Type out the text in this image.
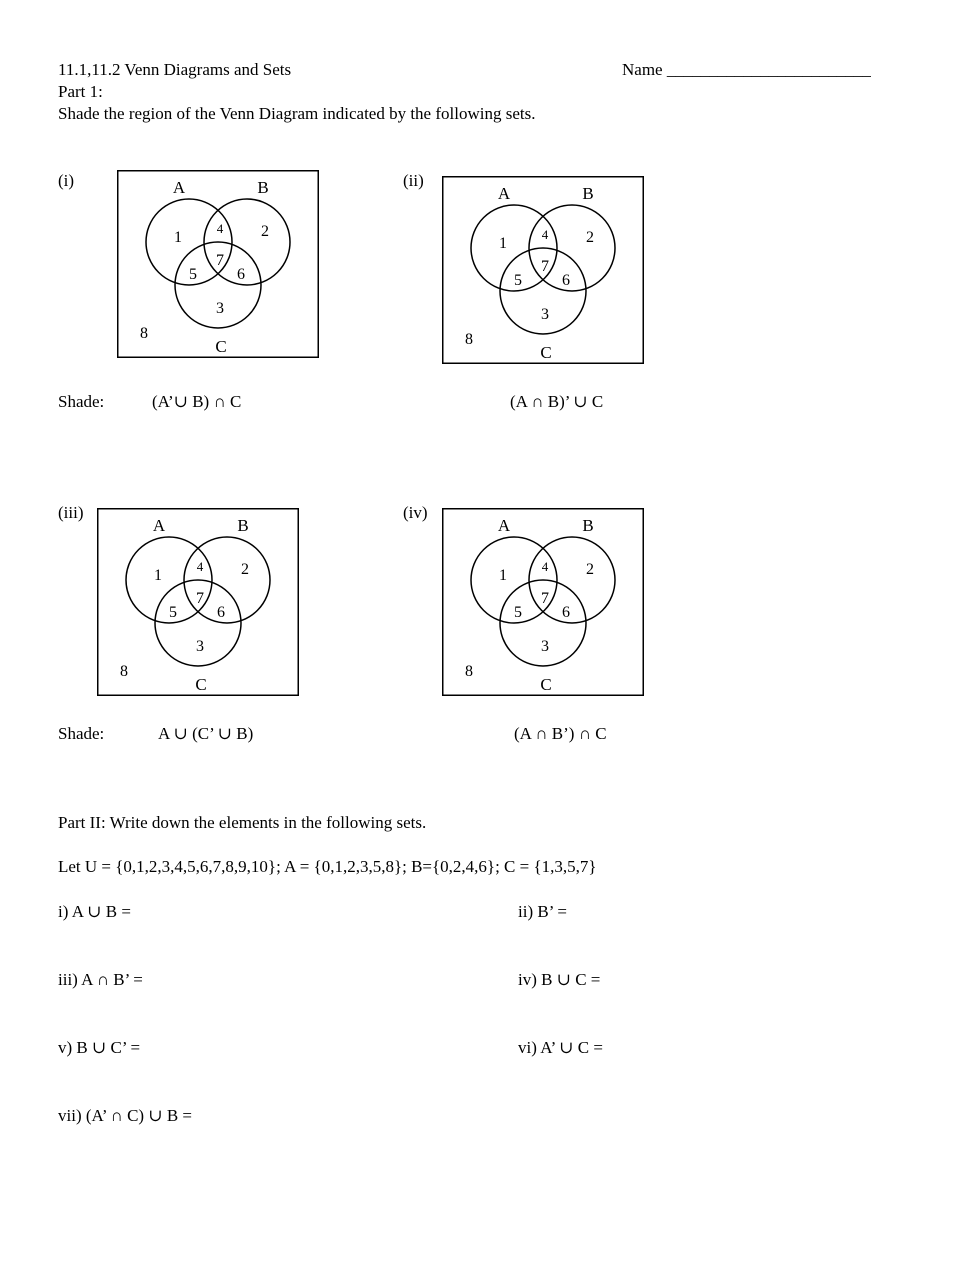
11.1,11.2 Venn Diagrams and Sets	Name ________________________
Part 1:
Shade the region of the Venn Diagram indicated by the following sets.
(i)	(ii)
(iii)	(iv)
A	B
C
1	2
4
7
5	6
3
8
A	B
C
1	2
4
7
5	6
3
8
A	B
C
1	2
4
7
5	6
3
8
A	B
C
1	2
4
7
5	6
3
8
Shade:	(A’∪ B) ∩ C	(A ∩ B)’ ∪ C
Shade:	A ∪ (C’ ∪ B)	(A ∩ B’) ∩ C
Part II: Write down the elements in the following sets.
Let U = {0,1,2,3,4,5,6,7,8,9,10}; A = {0,1,2,3,5,8}; B={0,2,4,6}; C = {1,3,5,7}
i) A ∪ B =	ii) B’ =
iii) A ∩ B’ =	iv) B ∪ C =
v) B ∪ C’ =	vi) A’ ∪ C =
vii) (A’ ∩ C) ∪ B =
